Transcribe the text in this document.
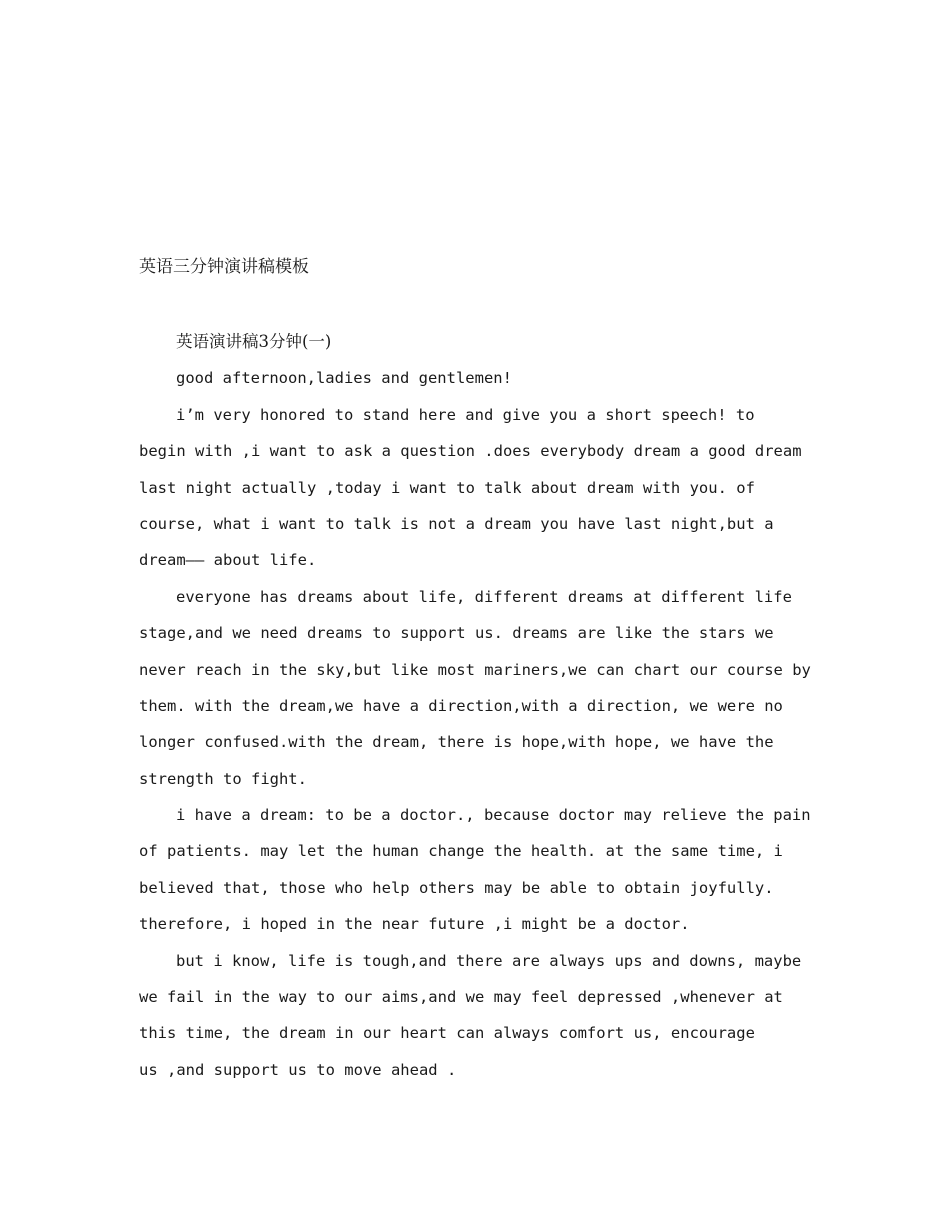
英语三分钟演讲稿模板
英语演讲稿3分钟(一)
good afternoon,ladies and gentlemen!
i’m very honored to stand here and give you a short speech! to
begin with ,i want to ask a question .does everybody dream a good dream
last night actually ,today i want to talk about dream with you. of
course, what i want to talk is not a dream you have last night,but a
dream—— about life.
everyone has dreams about life, different dreams at different life
stage,and we need dreams to support us. dreams are like the stars we
never reach in the sky,but like most mariners,we can chart our course by
them. with the dream,we have a direction,with a direction, we were no
longer confused.with the dream, there is hope,with hope, we have the
strength to fight.
i have a dream: to be a doctor., because doctor may relieve the pain
of patients. may let the human change the health. at the same time, i
believed that, those who help others may be able to obtain joyfully.
therefore, i hoped in the near future ,i might be a doctor.
but i know, life is tough,and there are always ups and downs, maybe
we fail in the way to our aims,and we may feel depressed ,whenever at
this time, the dream in our heart can always comfort us, encourage
us ,and support us to move ahead .
